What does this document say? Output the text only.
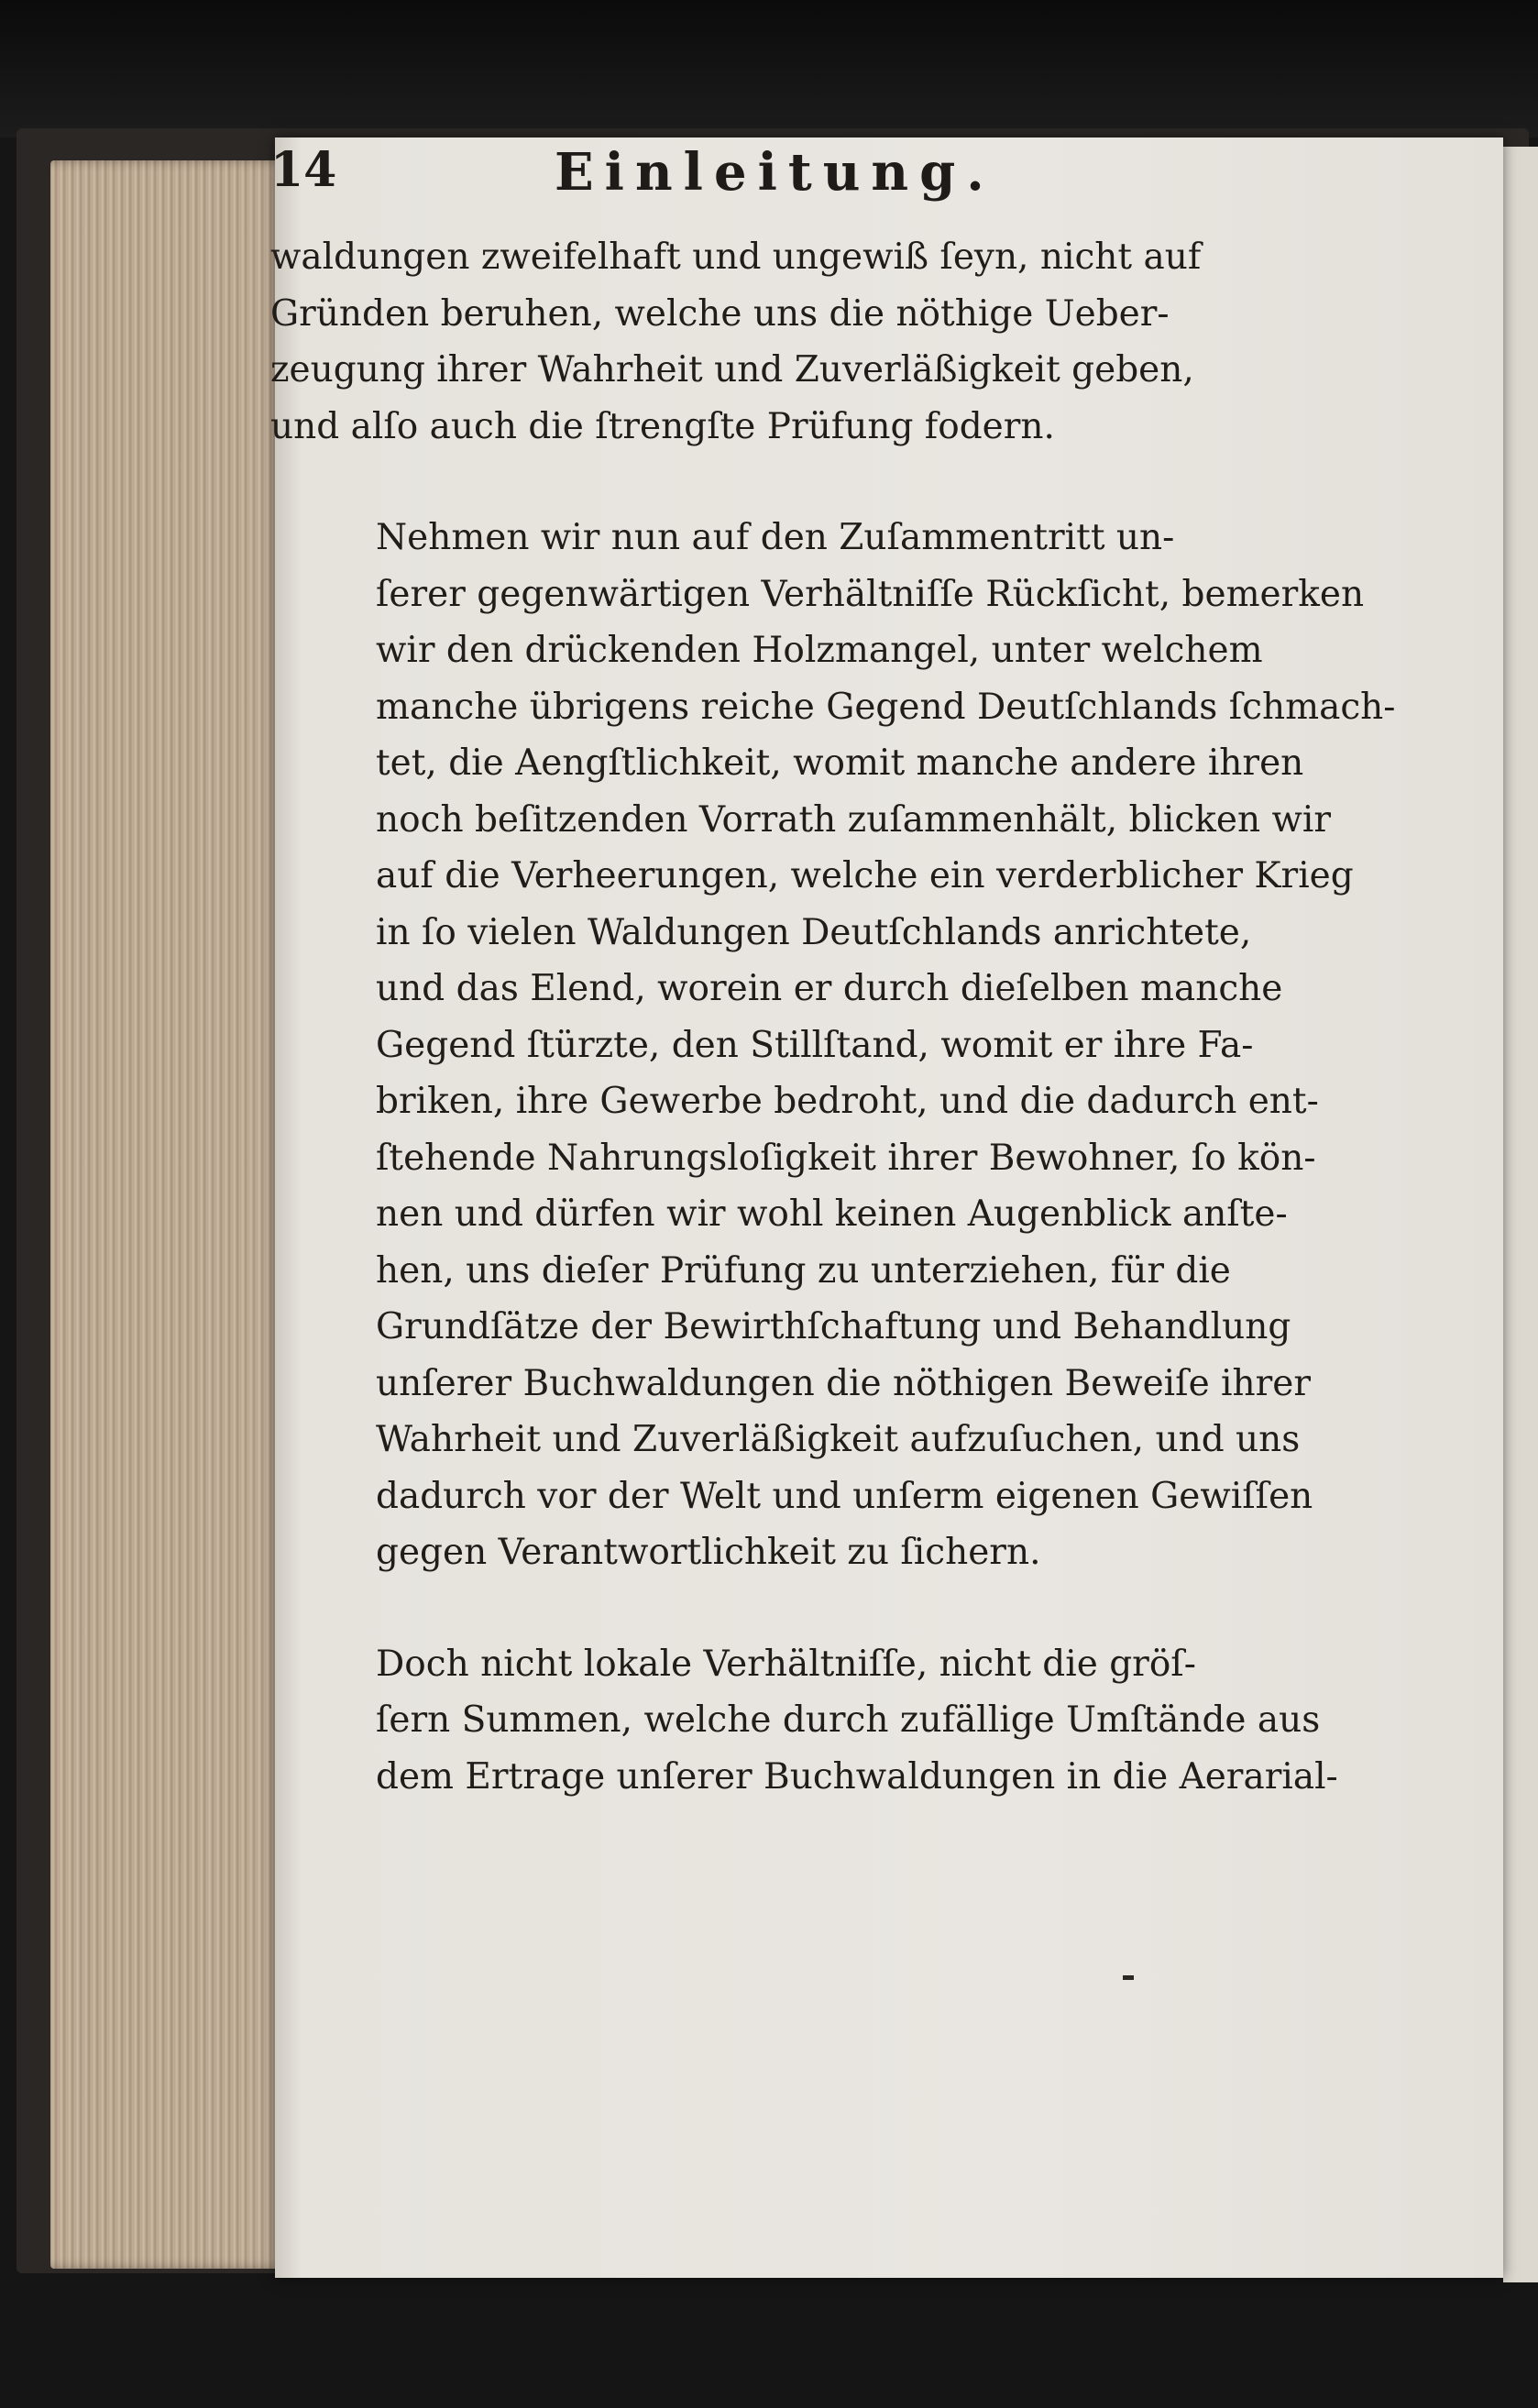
14	Einleitung.

waldungen zweifelhaft und ungewiß ſeyn, nicht auf
Gründen beruhen, welche uns die nöthige Ueber-
zeugung ihrer Wahrheit und Zuverläßigkeit geben,
und alſo auch die ſtrengſte Prüfung fodern.

Nehmen wir nun auf den Zuſammentritt un-
ſerer gegenwärtigen Verhältniſſe Rückſicht, bemerken
wir den drückenden Holzmangel, unter welchem
manche übrigens reiche Gegend Deutſchlands ſchmach-
tet, die Aengſtlichkeit, womit manche andere ihren
noch beſitzenden Vorrath zuſammenhält, blicken wir
auf die Verheerungen, welche ein verderblicher Krieg
in ſo vielen Waldungen Deutſchlands anrichtete,
und das Elend, worein er durch dieſelben manche
Gegend ſtürzte, den Stillſtand, womit er ihre Fa-
briken, ihre Gewerbe bedroht, und die dadurch ent-
ſtehende Nahrungsloſigkeit ihrer Bewohner, ſo kön-
nen und dürfen wir wohl keinen Augenblick anſte-
hen, uns dieſer Prüfung zu unterziehen, für die
Grundſätze der Bewirthſchaftung und Behandlung
unſerer Buchwaldungen die nöthigen Beweiſe ihrer
Wahrheit und Zuverläßigkeit aufzuſuchen, und uns
dadurch vor der Welt und unſerm eigenen Gewiſſen
gegen Verantwortlichkeit zu ſichern.

Doch nicht lokale Verhältniſſe, nicht die gröſ-
ſern Summen, welche durch zufällige Umſtände aus
dem Ertrage unſerer Buchwaldungen in die Aerarial-
